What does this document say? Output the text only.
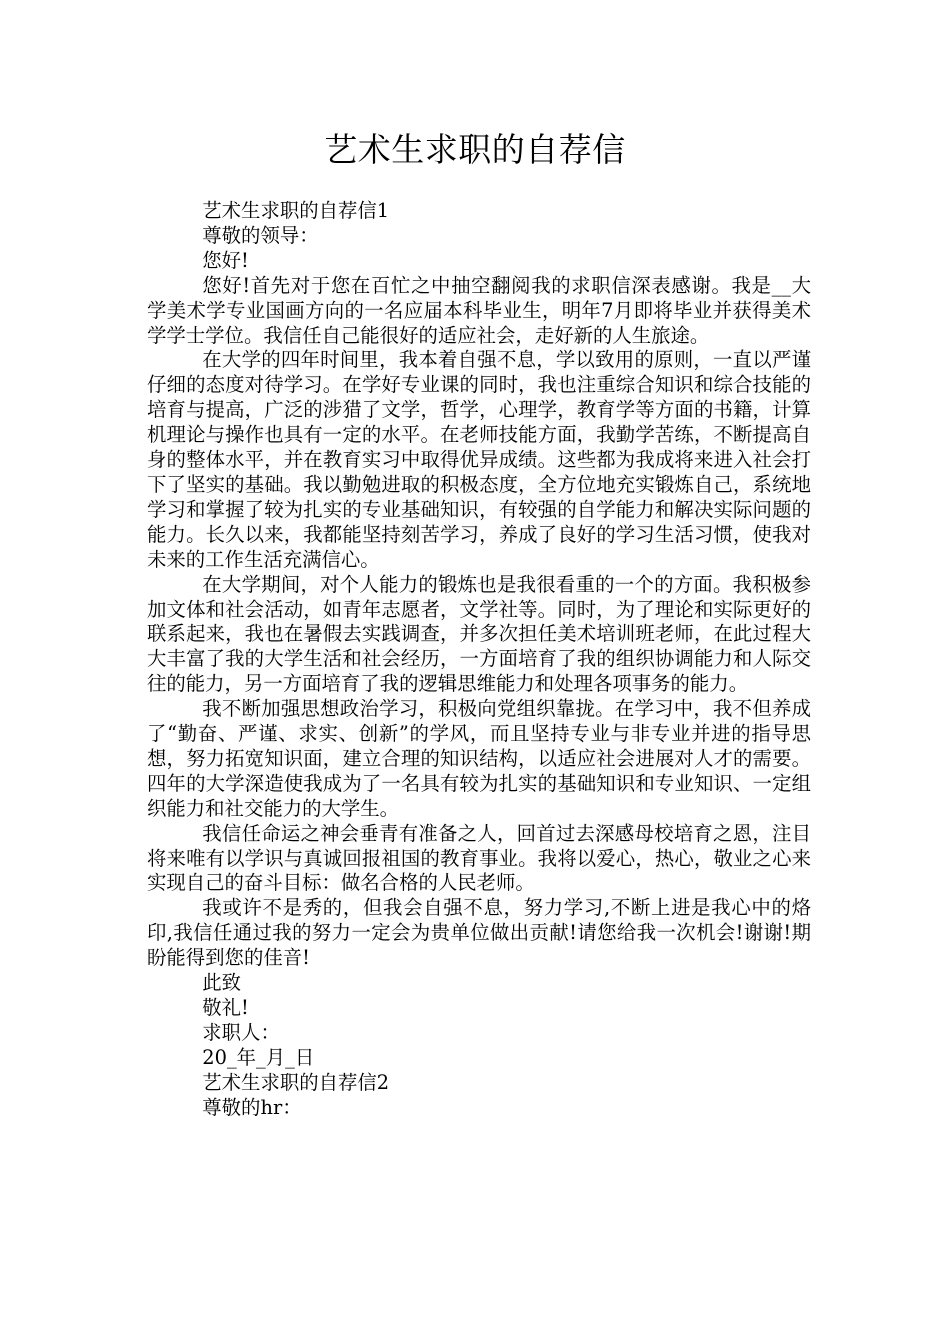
艺术生求职的自荐信

艺术生求职的自荐信1

尊敬的领导：

您好!

您好!首先对于您在百忙之中抽空翻阅我的求职信深表感谢。我是__大学美术学专业国画方向的一名应届本科毕业生，明年7月即将毕业并获得美术学学士学位。我信任自己能很好的适应社会，走好新的人生旅途。

在大学的四年时间里，我本着自强不息，学以致用的原则，一直以严谨仔细的态度对待学习。在学好专业课的同时，我也注重综合知识和综合技能的培育与提高，广泛的涉猎了文学，哲学，心理学，教育学等方面的书籍，计算机理论与操作也具有一定的水平。在老师技能方面，我勤学苦练，不断提高自身的整体水平，并在教育实习中取得优异成绩。这些都为我成将来进入社会打下了坚实的基础。我以勤勉进取的积极态度，全方位地充实锻炼自己，系统地学习和掌握了较为扎实的专业基础知识，有较强的自学能力和解决实际问题的能力。长久以来，我都能坚持刻苦学习，养成了良好的学习生活习惯，使我对未来的工作生活充满信心。

在大学期间，对个人能力的锻炼也是我很看重的一个的方面。我积极参加文体和社会活动，如青年志愿者，文学社等。同时，为了理论和实际更好的联系起来，我也在暑假去实践调查，并多次担任美术培训班老师，在此过程大大丰富了我的大学生活和社会经历，一方面培育了我的组织协调能力和人际交往的能力，另一方面培育了我的逻辑思维能力和处理各项事务的能力。

我不断加强思想政治学习，积极向党组织靠拢。在学习中，我不但养成了“勤奋、严谨、求实、创新”的学风，而且坚持专业与非专业并进的指导思想，努力拓宽知识面，建立合理的知识结构，以适应社会进展对人才的需要。四年的大学深造使我成为了一名具有较为扎实的基础知识和专业知识、一定组织能力和社交能力的大学生。

我信任命运之神会垂青有准备之人，回首过去深感母校培育之恩，注目将来唯有以学识与真诚回报祖国的教育事业。我将以爱心，热心，敬业之心来实现自己的奋斗目标：做名合格的人民老师。

我或许不是秀的，但我会自强不息，努力学习,不断上进是我心中的烙印,我信任通过我的努力一定会为贵单位做出贡献!请您给我一次机会!谢谢!期盼能得到您的佳音!

此致

敬礼!

求职人：

20_年_月_日

艺术生求职的自荐信2

尊敬的hr：
